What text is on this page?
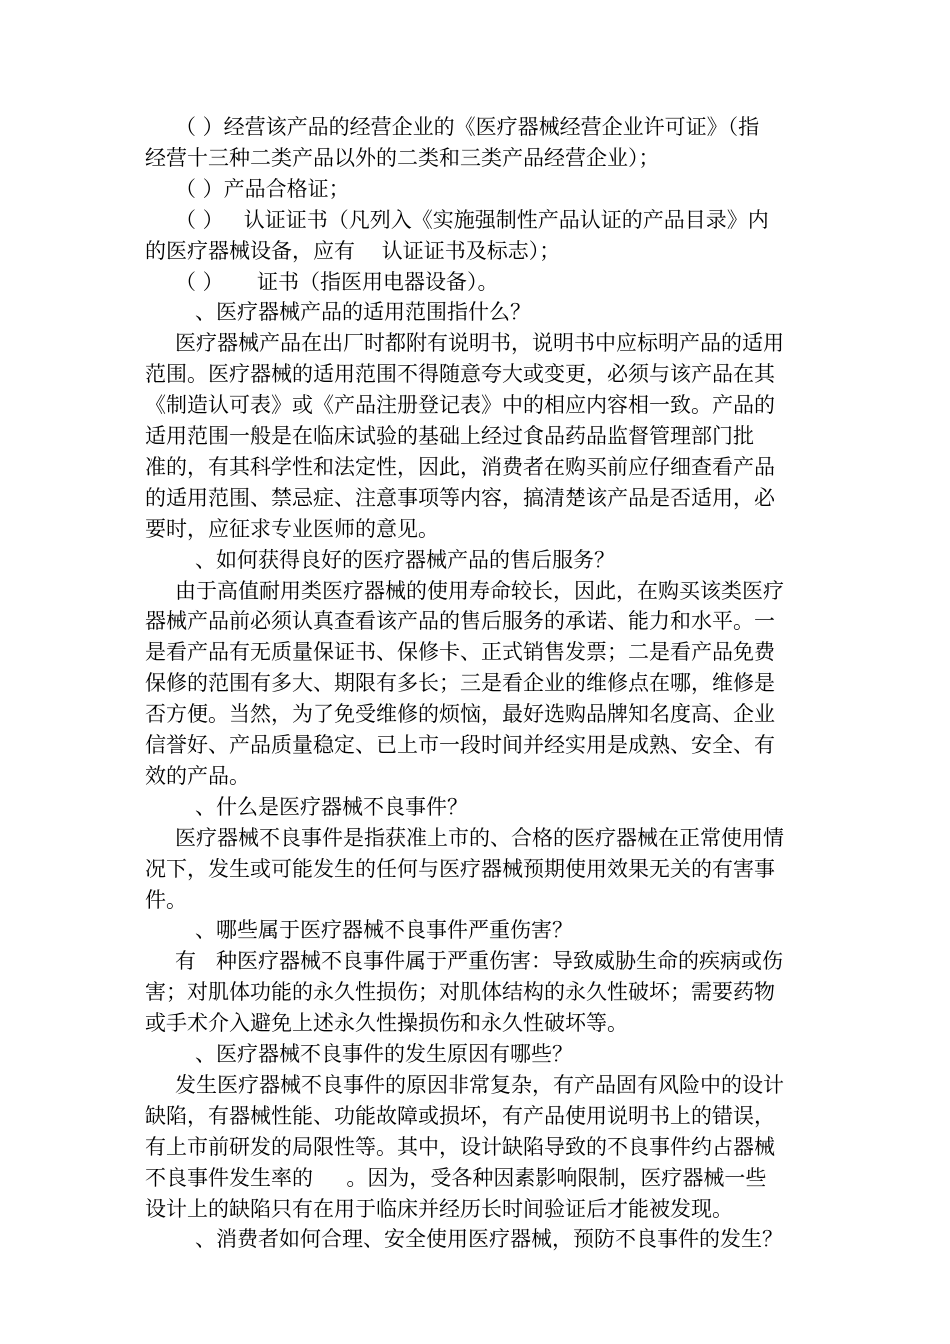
（ ）经营该产品的经营企业的《医疗器械经营企业许可证》（指
经营十三种二类产品以外的二类和三类产品经营企业）；
（ ）产品合格证；
（ ）   认证证书（凡列入《实施强制性产品认证的产品目录》内
的医疗器械设备，应有    认证证书及标志）；
（ ）     证书（指医用电器设备）。
、医疗器械产品的适用范围指什么？
医疗器械产品在出厂时都附有说明书，说明书中应标明产品的适用
范围。医疗器械的适用范围不得随意夸大或变更，必须与该产品在其
《制造认可表》或《产品注册登记表》中的相应内容相一致。产品的
适用范围一般是在临床试验的基础上经过食品药品监督管理部门批
准的，有其科学性和法定性，因此，消费者在购买前应仔细查看产品
的适用范围、禁忌症、注意事项等内容，搞清楚该产品是否适用，必
要时，应征求专业医师的意见。
、如何获得良好的医疗器械产品的售后服务？
由于高值耐用类医疗器械的使用寿命较长，因此，在购买该类医疗
器械产品前必须认真查看该产品的售后服务的承诺、能力和水平。一
是看产品有无质量保证书、保修卡、正式销售发票；二是看产品免费
保修的范围有多大、期限有多长；三是看企业的维修点在哪，维修是
否方便。当然，为了免受维修的烦恼，最好选购品牌知名度高、企业
信誉好、产品质量稳定、已上市一段时间并经实用是成熟、安全、有
效的产品。
、什么是医疗器械不良事件？
医疗器械不良事件是指获准上市的、合格的医疗器械在正常使用情
况下，发生或可能发生的任何与医疗器械预期使用效果无关的有害事
件。
、哪些属于医疗器械不良事件严重伤害？
有   种医疗器械不良事件属于严重伤害：导致威胁生命的疾病或伤
害；对肌体功能的永久性损伤；对肌体结构的永久性破坏；需要药物
或手术介入避免上述永久性操损伤和永久性破坏等。
、医疗器械不良事件的发生原因有哪些？
发生医疗器械不良事件的原因非常复杂，有产品固有风险中的设计
缺陷，有器械性能、功能故障或损坏，有产品使用说明书上的错误，
有上市前研发的局限性等。其中，设计缺陷导致的不良事件约占器械
不良事件发生率的     。因为，受各种因素影响限制，医疗器械一些
设计上的缺陷只有在用于临床并经历长时间验证后才能被发现。
、消费者如何合理、安全使用医疗器械，预防不良事件的发生？
